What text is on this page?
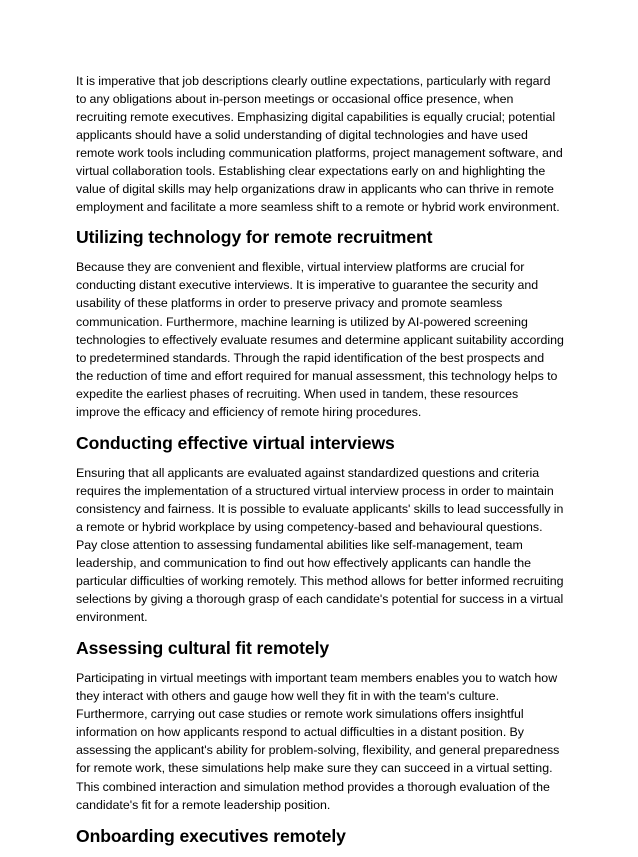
It is imperative that job descriptions clearly outline expectations, particularly with regard to any obligations about in-person meetings or occasional office presence, when recruiting remote executives. Emphasizing digital capabilities is equally crucial; potential applicants should have a solid understanding of digital technologies and have used remote work tools including communication platforms, project management software, and virtual collaboration tools. Establishing clear expectations early on and highlighting the value of digital skills may help organizations draw in applicants who can thrive in remote employment and facilitate a more seamless shift to a remote or hybrid work environment.

Utilizing technology for remote recruitment

Because they are convenient and flexible, virtual interview platforms are crucial for conducting distant executive interviews. It is imperative to guarantee the security and usability of these platforms in order to preserve privacy and promote seamless communication. Furthermore, machine learning is utilized by AI-powered screening technologies to effectively evaluate resumes and determine applicant suitability according to predetermined standards. Through the rapid identification of the best prospects and the reduction of time and effort required for manual assessment, this technology helps to expedite the earliest phases of recruiting. When used in tandem, these resources improve the efficacy and efficiency of remote hiring procedures.

Conducting effective virtual interviews

Ensuring that all applicants are evaluated against standardized questions and criteria requires the implementation of a structured virtual interview process in order to maintain consistency and fairness. It is possible to evaluate applicants' skills to lead successfully in a remote or hybrid workplace by using competency-based and behavioural questions. Pay close attention to assessing fundamental abilities like self-management, team leadership, and communication to find out how effectively applicants can handle the particular difficulties of working remotely. This method allows for better informed recruiting selections by giving a thorough grasp of each candidate's potential for success in a virtual environment.

Assessing cultural fit remotely

Participating in virtual meetings with important team members enables you to watch how they interact with others and gauge how well they fit in with the team's culture. Furthermore, carrying out case studies or remote work simulations offers insightful information on how applicants respond to actual difficulties in a distant position. By assessing the applicant's ability for problem-solving, flexibility, and general preparedness for remote work, these simulations help make sure they can succeed in a virtual setting. This combined interaction and simulation method provides a thorough evaluation of the candidate's fit for a remote leadership position.

Onboarding executives remotely
